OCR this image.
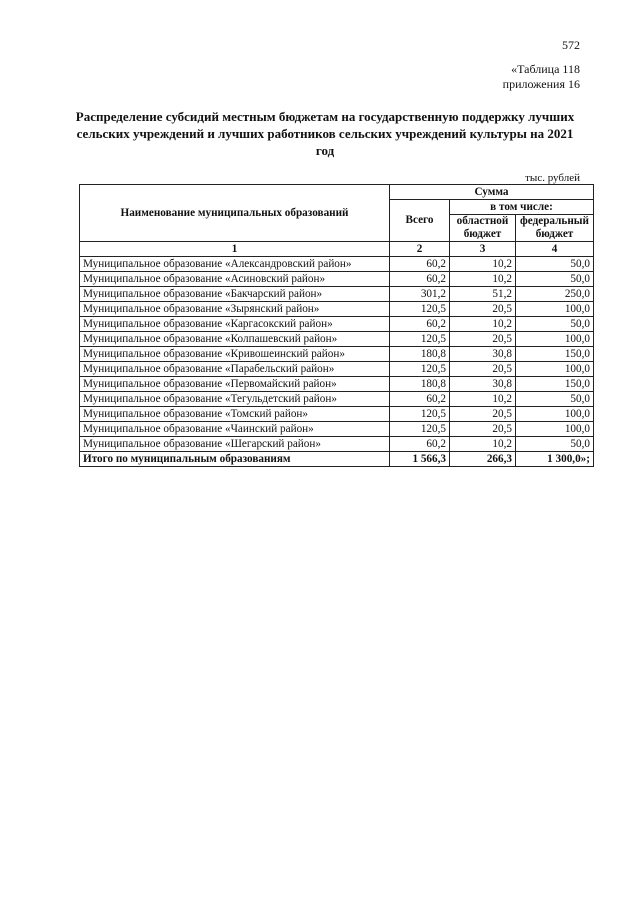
572
«Таблица 118
приложения 16
Распределение субсидий местным бюджетам на государственную поддержку лучших сельских учреждений и лучших работников сельских учреждений культуры на 2021 год
тыс. рублей
Наименование муниципальных образований	Сумма		
	Всего	в том числе:	
		областной бюджет	федеральный бюджет
1	2	3	4
Муниципальное образование «Александровский район»	60,2	10,2	50,0
Муниципальное образование «Асиновский район»	60,2	10,2	50,0
Муниципальное образование «Бакчарский район»	301,2	51,2	250,0
Муниципальное образование «Зырянский район»	120,5	20,5	100,0
Муниципальное образование «Каргасокский район»	60,2	10,2	50,0
Муниципальное образование «Колпашевский район»	120,5	20,5	100,0
Муниципальное образование «Кривошеинский район»	180,8	30,8	150,0
Муниципальное образование «Парабельский район»	120,5	20,5	100,0
Муниципальное образование «Первомайский район»	180,8	30,8	150,0
Муниципальное образование «Тегульдетский район»	60,2	10,2	50,0
Муниципальное образование «Томский район»	120,5	20,5	100,0
Муниципальное образование «Чаинский район»	120,5	20,5	100,0
Муниципальное образование «Шегарский район»	60,2	10,2	50,0
Итого по муниципальным образованиям	1 566,3	266,3	1 300,0»;
